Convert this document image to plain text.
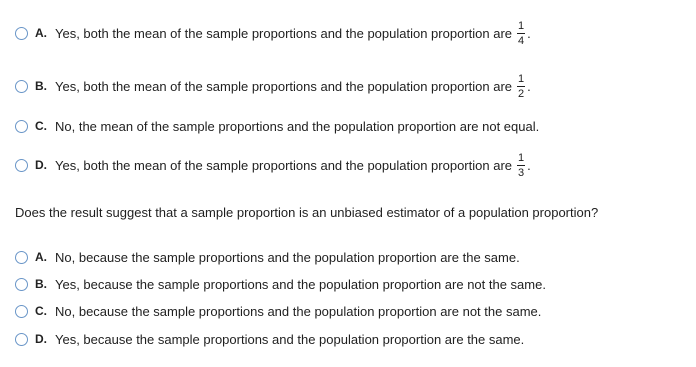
A. Yes, both the mean of the sample proportions and the population proportion are $\frac{1}{4}$ .
B. Yes, both the mean of the sample proportions and the population proportion are $\frac{1}{2}$ .
C. No, the mean of the sample proportions and the population proportion are not equal.
D. Yes, both the mean of the sample proportions and the population proportion are $\frac{1}{3}$ .
Does the result suggest that a sample proportion is an unbiased estimator of a population proportion?
A. No, because the sample proportions and the population proportion are the same.
B. Yes, because the sample proportions and the population proportion are not the same.
C. No, because the sample proportions and the population proportion are not the same.
D. Yes, because the sample proportions and the population proportion are the same.
